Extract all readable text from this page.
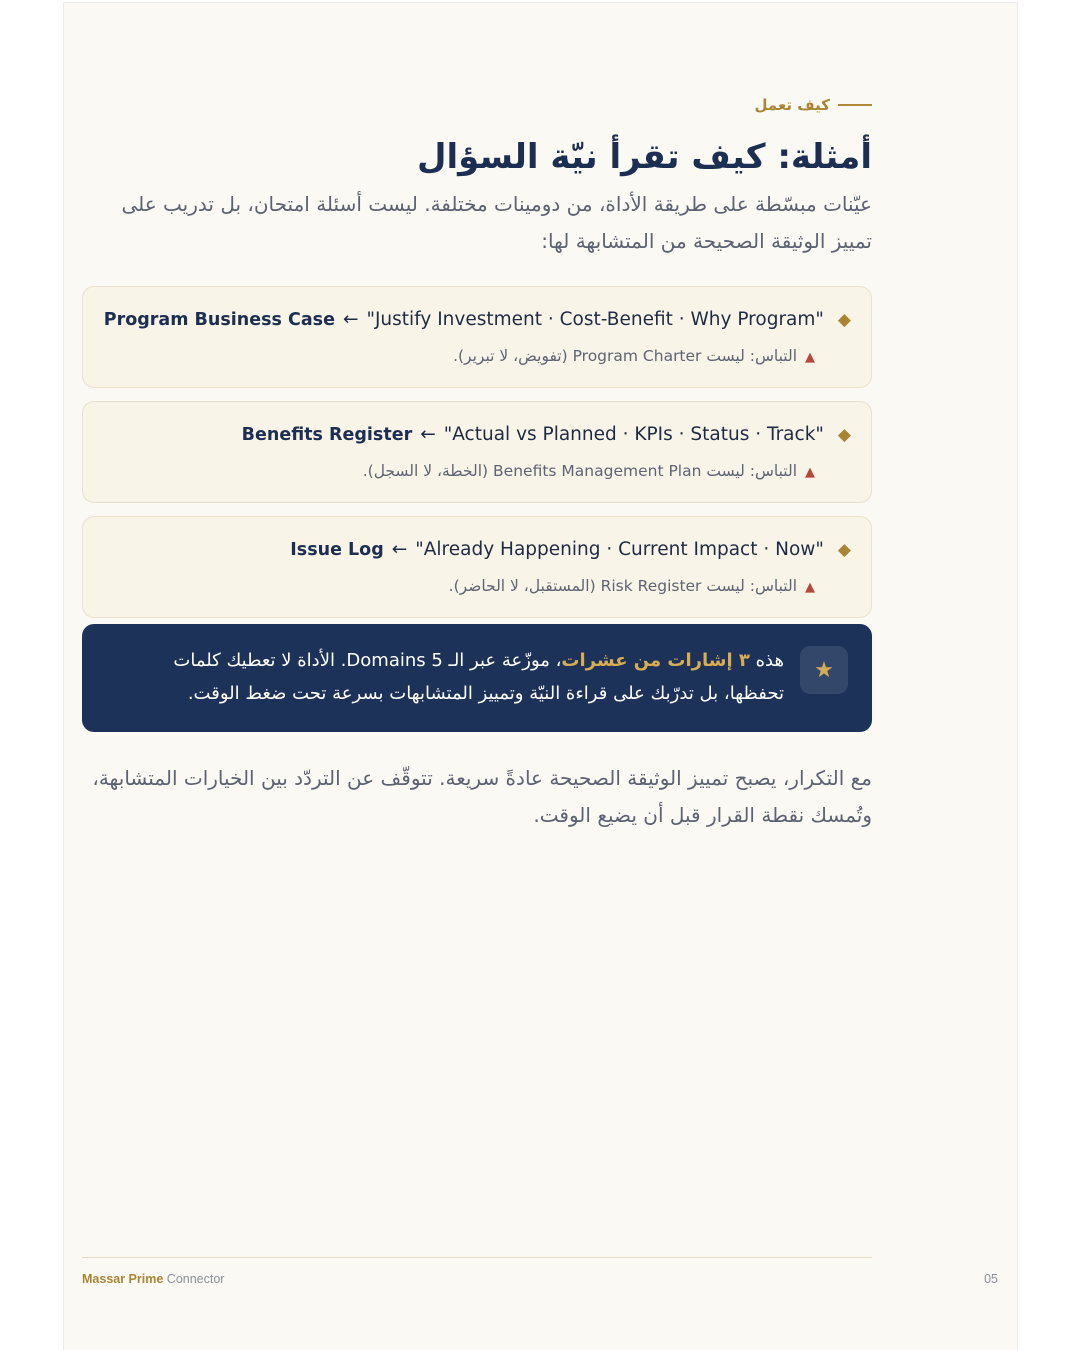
كيف تعمل
أمثلة: كيف تقرأ نيّة السؤال

عيّنات مبسّطة على طريقة الأداة، من دومينات مختلفة. ليست أسئلة امتحان، بل تدريب على تمييز الوثيقة الصحيحة من المتشابهة لها:

◆"Justify Investment · Cost-Benefit · Why Program"←Program Business Case
▲التباس: ليست Program Charter (تفويض، لا تبرير).
◆"Actual vs Planned · KPIs · Status · Track"←Benefits Register
▲التباس: ليست Benefits Management Plan (الخطة، لا السجل).
◆"Already Happening · Current Impact · Now"←Issue Log
▲التباس: ليست Risk Register (المستقبل، لا الحاضر).
★

هذه ٣ إشارات من عشرات، موزّعة عبر الـ 5 Domains. الأداة لا تعطيك كلمات تحفظها، بل تدرّبك على قراءة النيّة وتمييز المتشابهات بسرعة تحت ضغط الوقت.

مع التكرار، يصبح تمييز الوثيقة الصحيحة عادةً سريعة. تتوقّف عن التردّد بين الخيارات المتشابهة، وتُمسك نقطة القرار قبل أن يضيع الوقت.

Massar Prime Connector	05
